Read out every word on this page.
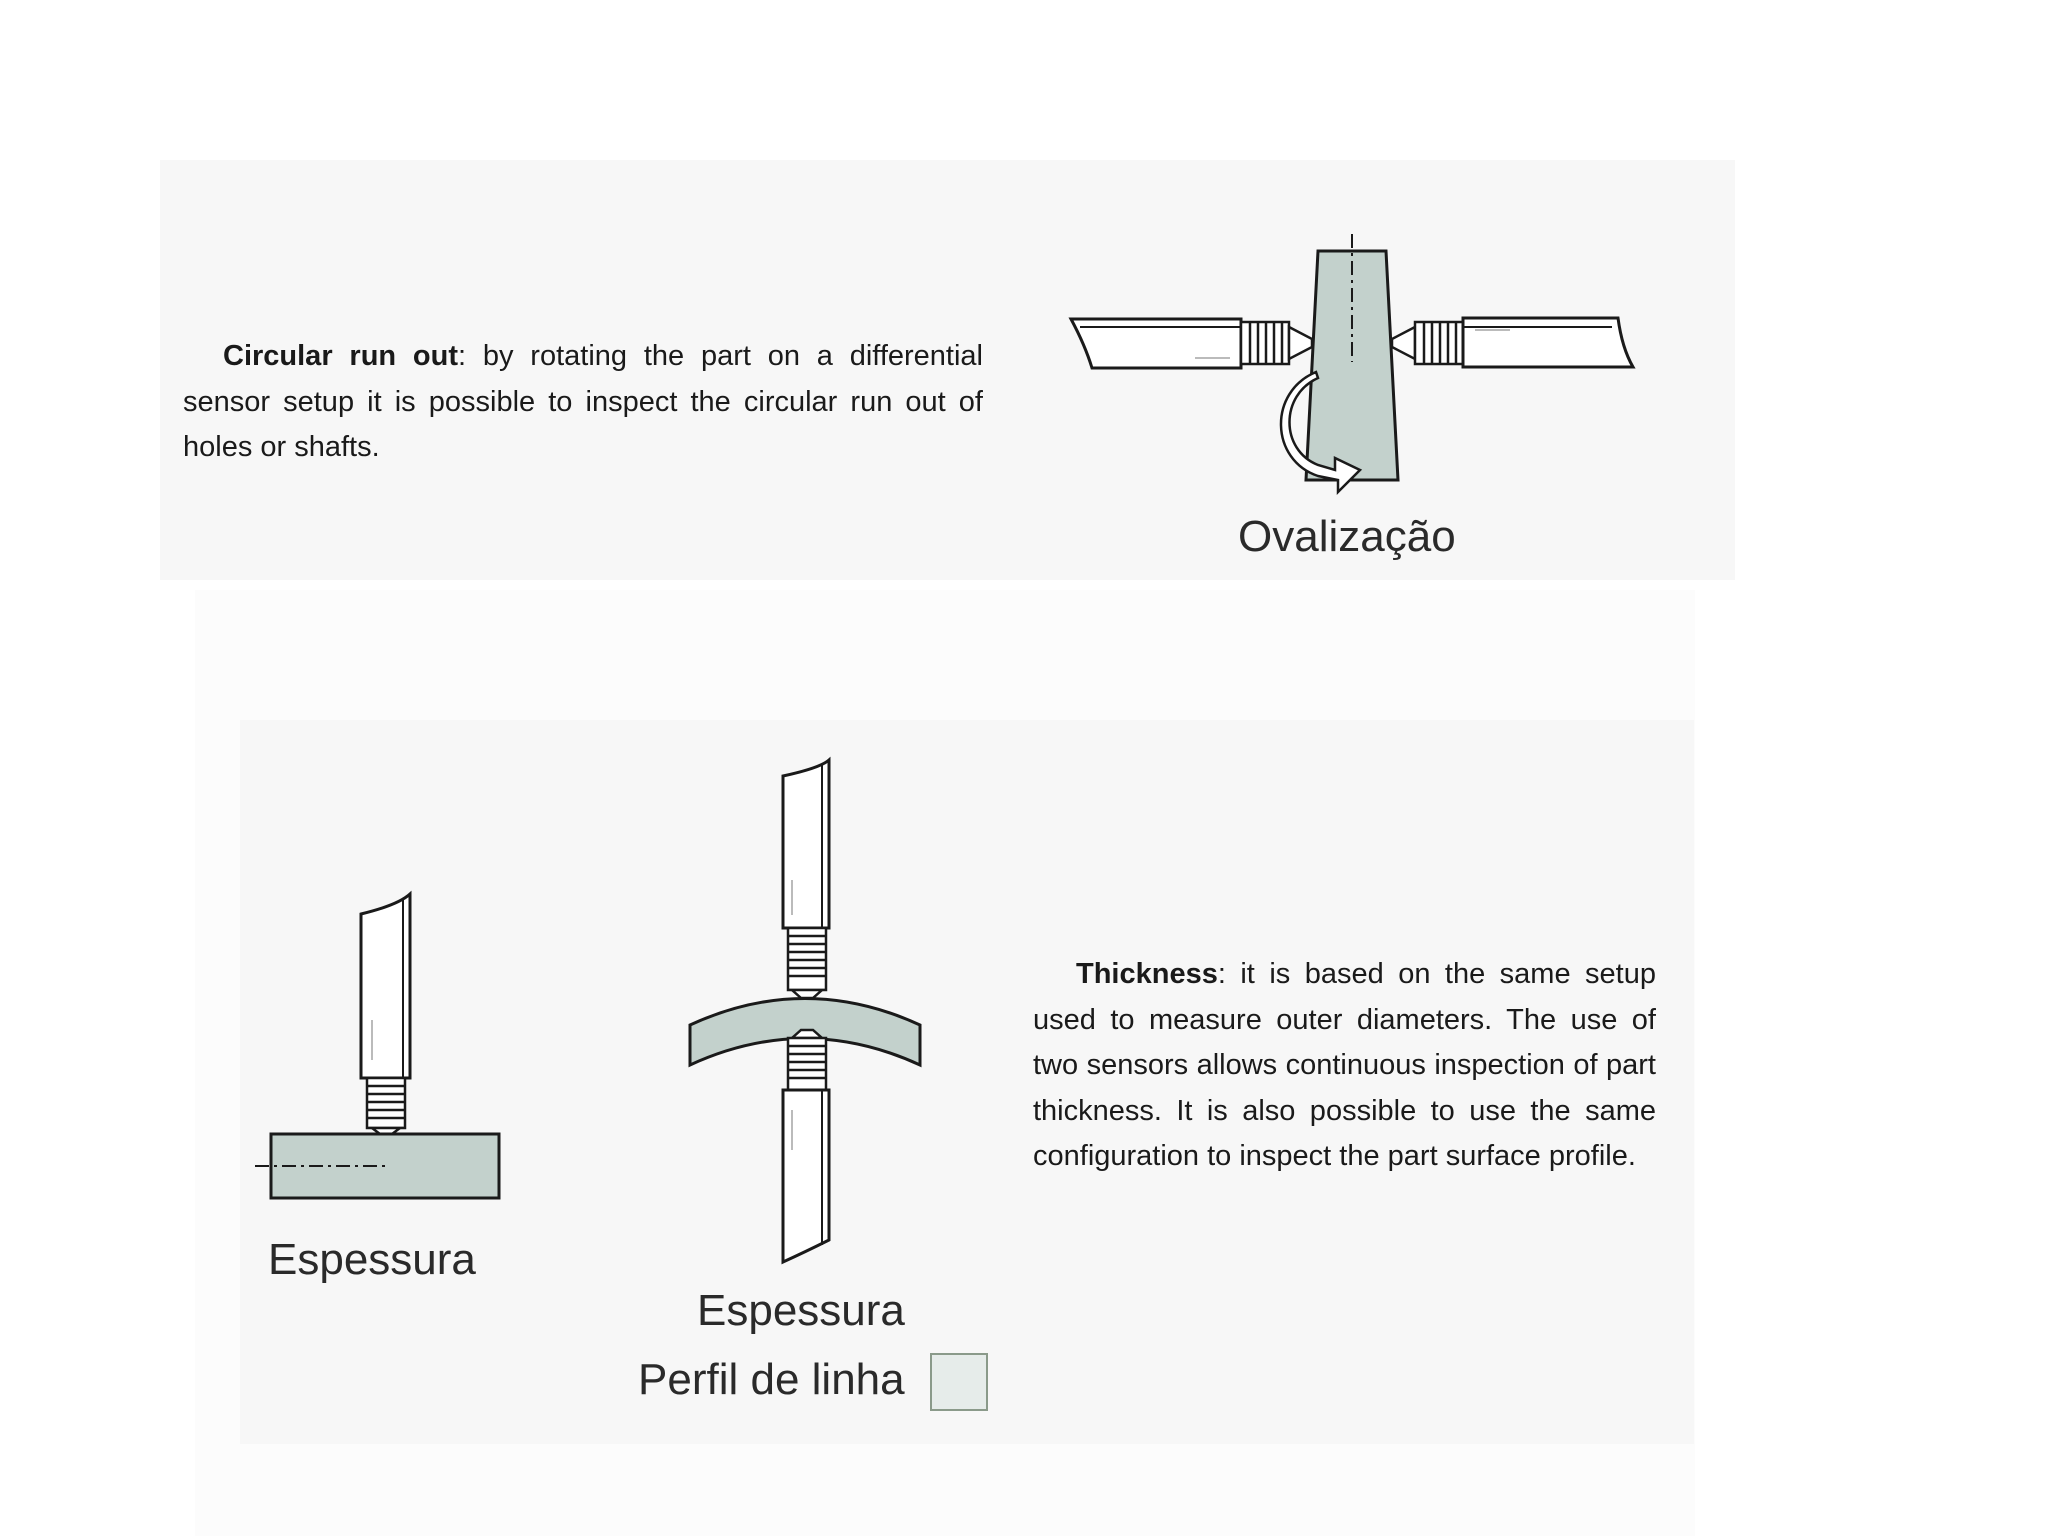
Circular run out: by rotating the part on a differential sensor setup it is possible to inspect the circular run out of holes or shafts.

Thickness: it is based on the same setup used to measure outer diameters. The use of two sensors allows continuous inspection of part thickness. It is also possible to use the same configuration to inspect the part surface profile.

Ovalização
Espessura
Espessura
Perfil de linha
